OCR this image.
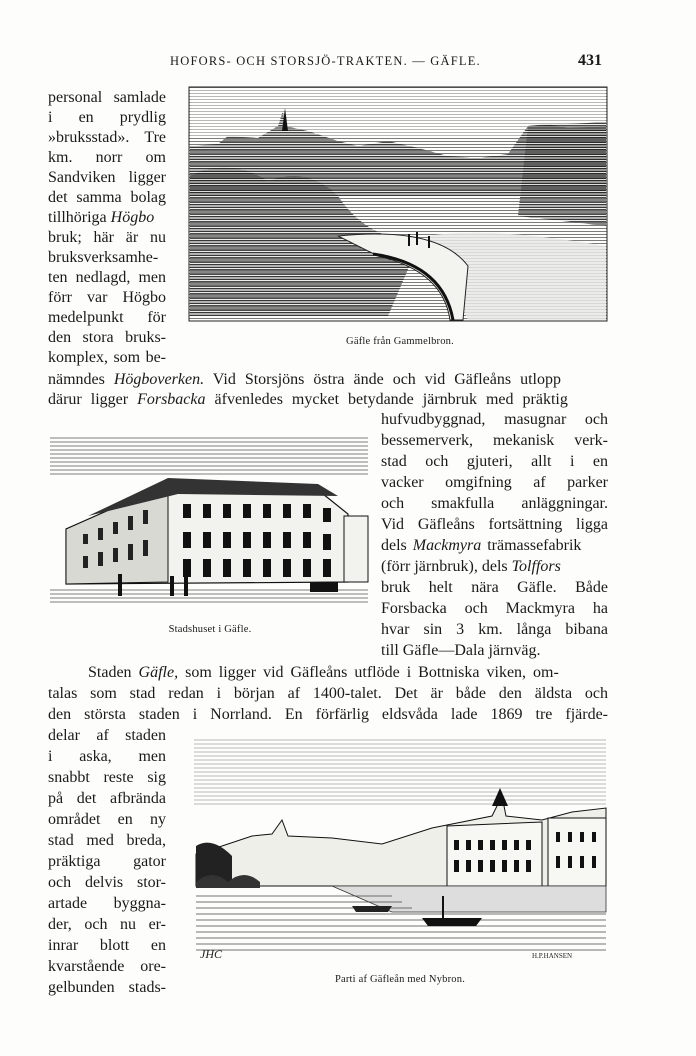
HOFORS- OCH STORSJÖ-TRAKTEN. — GÄFLE.	431
Gäfle från Gammelbron.
personal samlade
i en prydlig
»bruksstad». Tre
km. norr om
Sandviken ligger
det samma bolag
tillhöriga Högbo
bruk; här är nu
bruksverksamhe-
ten nedlagd, men
förr var Högbo
medelpunkt för
den stora bruks-
komplex, som be-
nämndes Högboverken. Vid Storsjöns östra ände och vid Gäfleåns utlopp
därur ligger Forsbacka äfvenledes mycket betydande järnbruk med präktig
Stadshuset i Gäfle.
hufvudbyggnad, masugnar och
bessemerverk, mekanisk verk-
stad och gjuteri, allt i en
vacker omgifning af parker
och smakfulla anläggningar.
Vid Gäfleåns fortsättning ligga
dels Mackmyra trämassefabrik
(förr järnbruk), dels Tolffors
bruk helt nära Gäfle. Både
Forsbacka och Mackmyra ha
hvar sin 3 km. långa bibana
till Gäfle—Dala järnväg.
Staden Gäfle, som ligger vid Gäfleåns utflöde i Bottniska viken, om-
talas som stad redan i början af 1400-talet. Det är både den äldsta och
den största staden i Norrland. En förfärlig eldsvåda lade 1869 tre fjärde-
JHC	H.P.HANSEN
Parti af Gäfleån med Nybron.
delar af staden
i aska, men
snabbt reste sig
på det afbrända
området en ny
stad med breda,
präktiga gator
och delvis stor-
artade byggna-
der, och nu er-
inrar blott en
kvarstående ore-
gelbunden stads-
